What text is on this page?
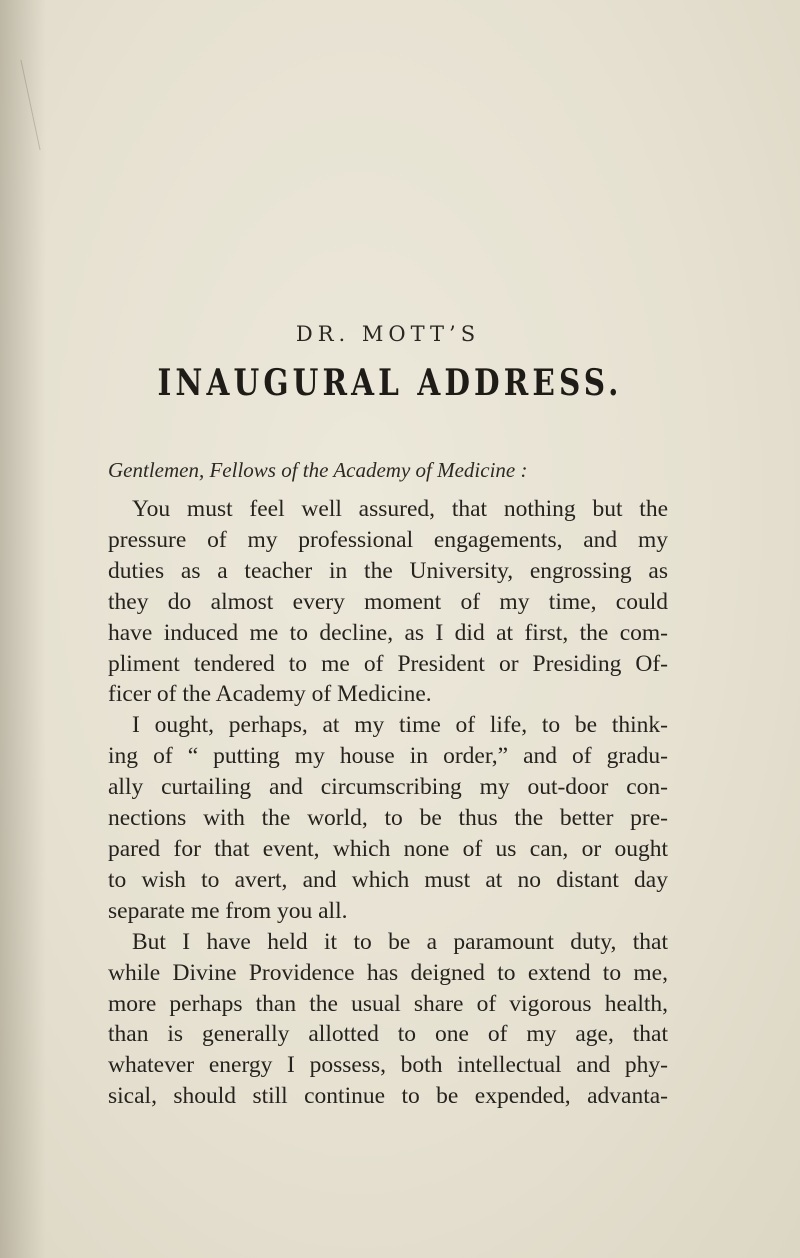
DR. MOTT’S
INAUGURAL ADDRESS.
Gentlemen, Fellows of the Academy of Medicine :
You must feel well assured, that nothing but the
pressure of my professional engagements, and my
duties as a teacher in the University, engrossing as
they do almost every moment of my time, could
have induced me to decline, as I did at first, the com-
pliment tendered to me of President or Presiding Of-
ficer of the Academy of Medicine.
I ought, perhaps, at my time of life, to be think-
ing of “ putting my house in order,” and of gradu-
ally curtailing and circumscribing my out-door con-
nections with the world, to be thus the better pre-
pared for that event, which none of us can, or ought
to wish to avert, and which must at no distant day
separate me from you all.
But I have held it to be a paramount duty, that
while Divine Providence has deigned to extend to me,
more perhaps than the usual share of vigorous health,
than is generally allotted to one of my age, that
whatever energy I possess, both intellectual and phy-
sical, should still continue to be expended, advanta-
